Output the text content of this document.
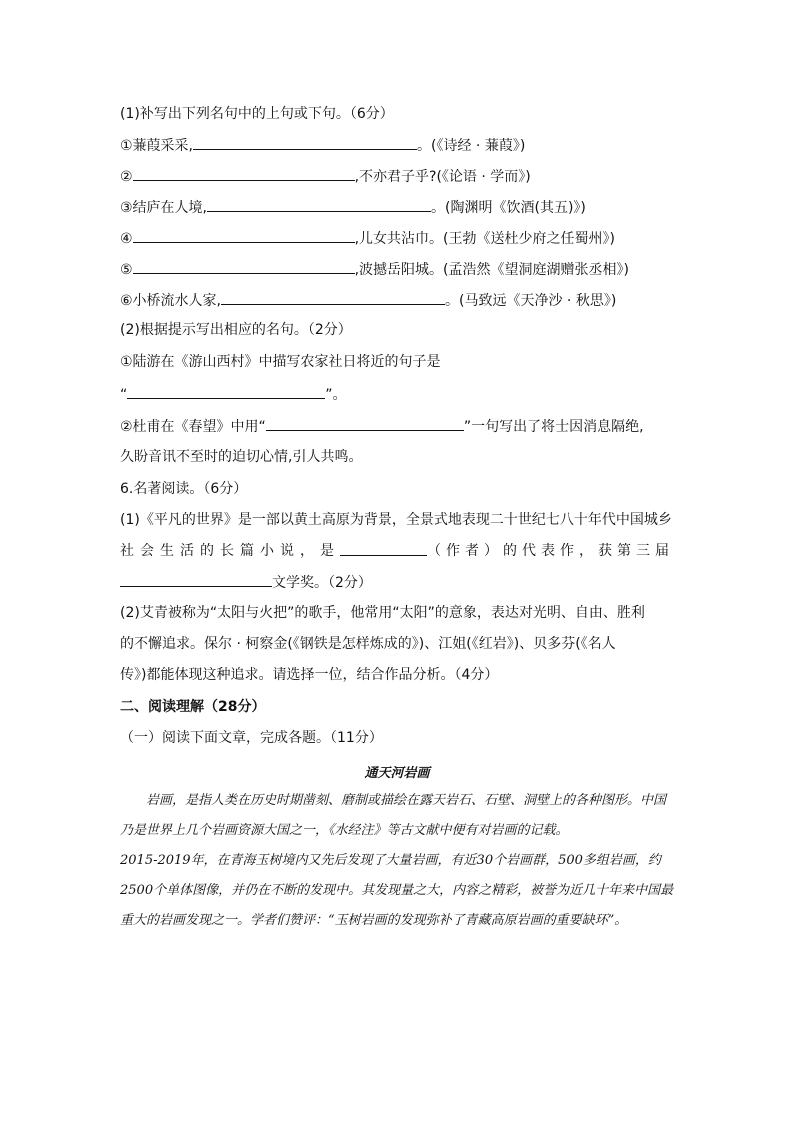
(1)补写出下列名句中的上句或下句。（6分）
①蒹葭采采,	。(《诗经 · 蒹葭》)
②	,不亦君子乎?(《论语 · 学而》)
③结庐在人境,	。(陶渊明《饮酒(其五)》)
④	,儿女共沾巾。(王勃《送杜少府之任蜀州》)
⑤	,波撼岳阳城。(孟浩然《望洞庭湖赠张丞相》)
⑥小桥流水人家,	。(马致远《天净沙 · 秋思》)
(2)根据提示写出相应的名句。（2分）
①陆游在《游山西村》中描写农家社日将近的句子是
“	”。
②杜甫在《春望》中用“	”一句写出了将士因消息隔绝,
久盼音讯不至时的迫切心情,引人共鸣。
6.名著阅读。（6分）
(1)《平凡的世界》是一部以黄土高原为背景，全景式地表现二十世纪七八十年代中国城乡
社会生活的长篇小说，是	（作者）的代表作，获第三届
文学奖。（2分）
(2)艾青被称为“太阳与火把”的歌手，他常用“太阳”的意象，表达对光明、自由、胜利
的不懈追求。保尔 · 柯察金(《钢铁是怎样炼成的》)、江姐(《红岩》)、贝多芬(《名人
传》)都能体现这种追求。请选择一位，结合作品分析。（4分）
二、阅读理解（28分）
（一）阅读下面文章，完成各题。（11分）
通天河岩画

岩画，是指人类在历史时期凿刻、磨制或描绘在露天岩石、石壁、洞壁上的各种图形。中国乃是世界上几个岩画资源大国之一，《水经注》等古文献中便有对岩画的记载。

2015-2019年，在青海玉树境内又先后发现了大量岩画，有近30个岩画群，500多组岩画，约2500个单体图像，并仍在不断的发现中。其发现量之大，内容之精彩，被誉为近几十年来中国最重大的岩画发现之一。学者们赞评：“玉树岩画的发现弥补了青藏高原岩画的重要缺环”。
